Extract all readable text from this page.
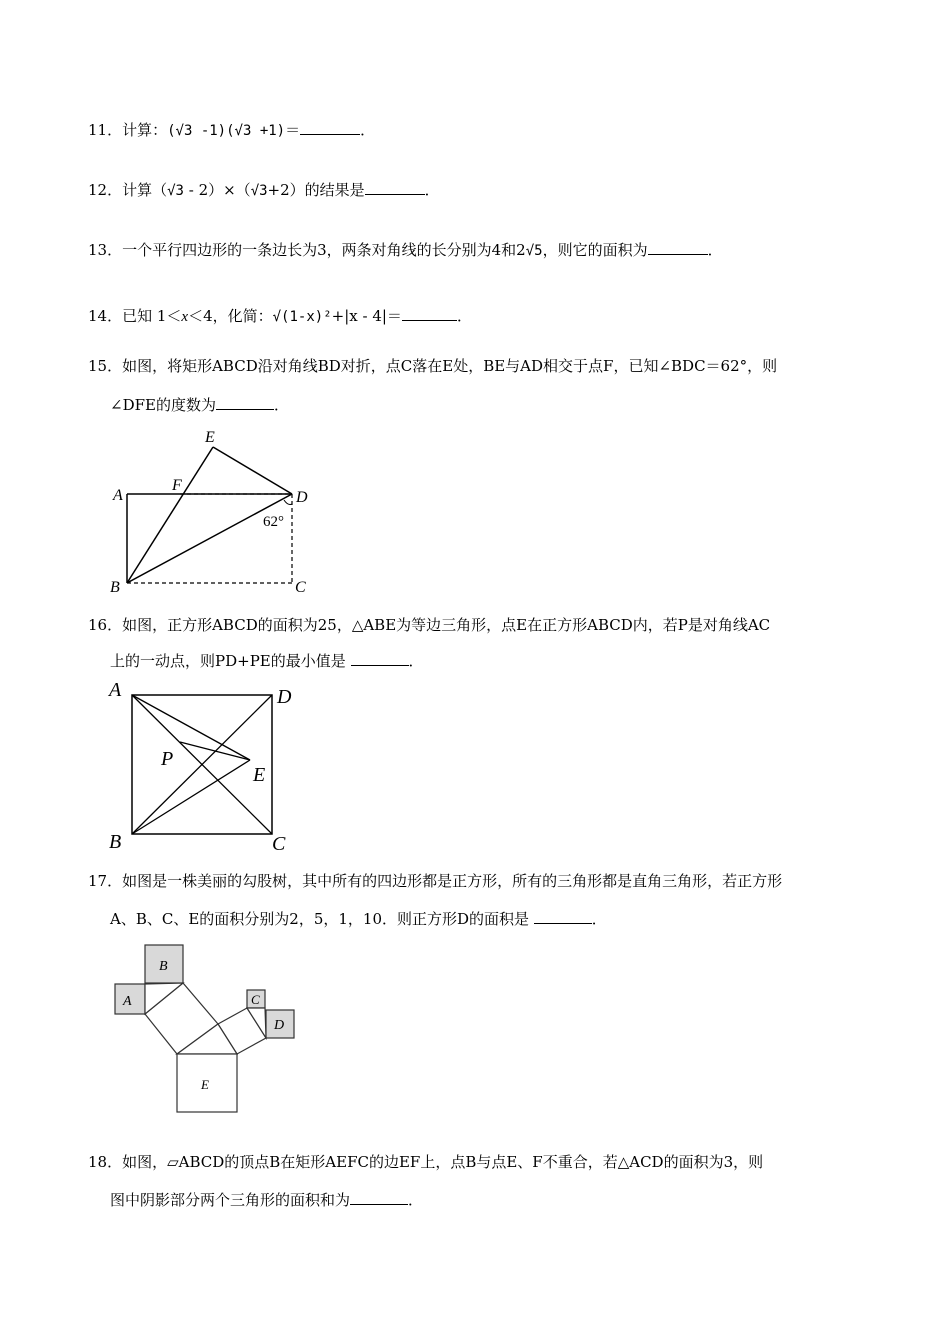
11．计算：(√3 -1)(√3 +1)＝	．
12．计算（√3 - 2）×（√3+2）的结果是	．
13．一个平行四边形的一条边长为3，两条对角线的长分别为4和2√5，则它的面积为	．
14．已知 1＜x＜4，化简：√(1-x)²+|x - 4|＝	．
15．如图，将矩形ABCD沿对角线BD对折，点C落在E处，BE与AD相交于点F，已知∠BDC＝62°，则
∠DFE的度数为	．
E
A
F
D
B	C
62°
16．如图，正方形ABCD的面积为25，△ABE为等边三角形，点E在正方形ABCD内，若P是对角线AC
上的一动点，则PD+PE的最小值是	．
A	D
P
E
B	C
17．如图是一株美丽的勾股树，其中所有的四边形都是正方形，所有的三角形都是直角三角形，若正方形
A、B、C、E的面积分别为2，5，1，10．则正方形D的面积是	．
B
A	C
D
E
18．如图，▱ABCD的顶点B在矩形AEFC的边EF上，点B与点E、F不重合，若△ACD的面积为3，则
图中阴影部分两个三角形的面积和为	．
